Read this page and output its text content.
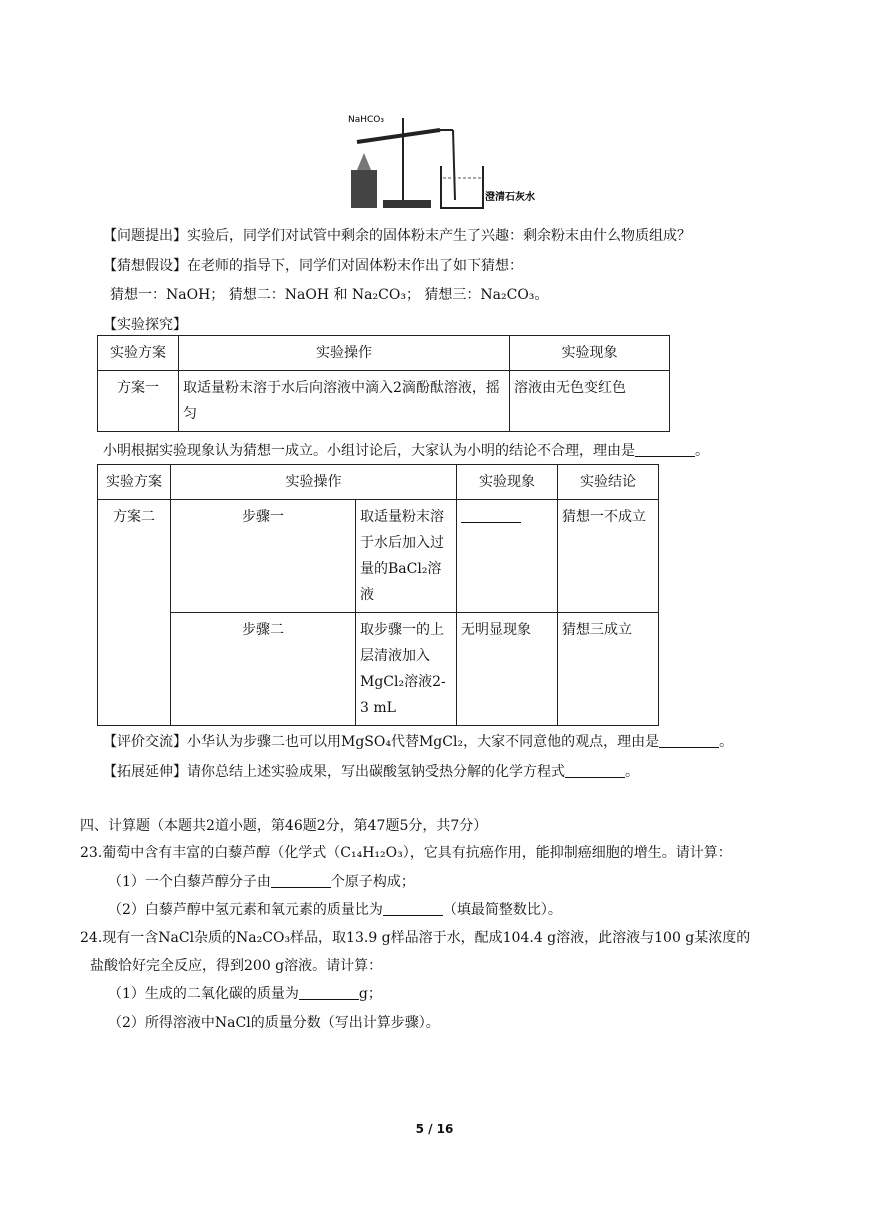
NaHCO₃
澄清石灰水
【问题提出】实验后，同学们对试管中剩余的固体粉末产生了兴趣：剩余粉末由什么物质组成？
【猜想假设】在老师的指导下，同学们对固体粉末作出了如下猜想：
猜想一：NaOH； 猜想二：NaOH 和 Na₂CO₃； 猜想三：Na₂CO₃。
【实验探究】
实验方案	实验操作	实验现象
方案一	取适量粉末溶于水后向溶液中滴入2滴酚酞溶液，摇匀	溶液由无色变红色
小明根据实验现象认为猜想一成立。小组讨论后，大家认为小明的结论不合理，理由是	。
实验方案	实验操作		实验现象	实验结论
方案二	步骤一	取适量粉末溶于水后加入过量的BaCl₂溶液		猜想一不成立
	步骤二	取步骤一的上层清液加入MgCl₂溶液2-3 mL	无明显现象	猜想三成立
【评价交流】小华认为步骤二也可以用MgSO₄代替MgCl₂，大家不同意他的观点，理由是	。
【拓展延伸】请你总结上述实验成果，写出碳酸氢钠受热分解的化学方程式	。
四、计算题（本题共2道小题，第46题2分，第47题5分，共7分）
23.葡萄中含有丰富的白藜芦醇（化学式（C₁₄H₁₂O₃），它具有抗癌作用，能抑制癌细胞的增生。请计算：
（1）一个白藜芦醇分子由	个原子构成；
（2）白藜芦醇中氢元素和氧元素的质量比为	（填最简整数比）。
24.现有一含NaCl杂质的Na₂CO₃样品，取13.9 g样品溶于水，配成104.4 g溶液，此溶液与100 g某浓度的
盐酸恰好完全反应，得到200 g溶液。请计算：
（1）生成的二氧化碳的质量为	g；
（2）所得溶液中NaCl的质量分数（写出计算步骤）。
5 / 16
